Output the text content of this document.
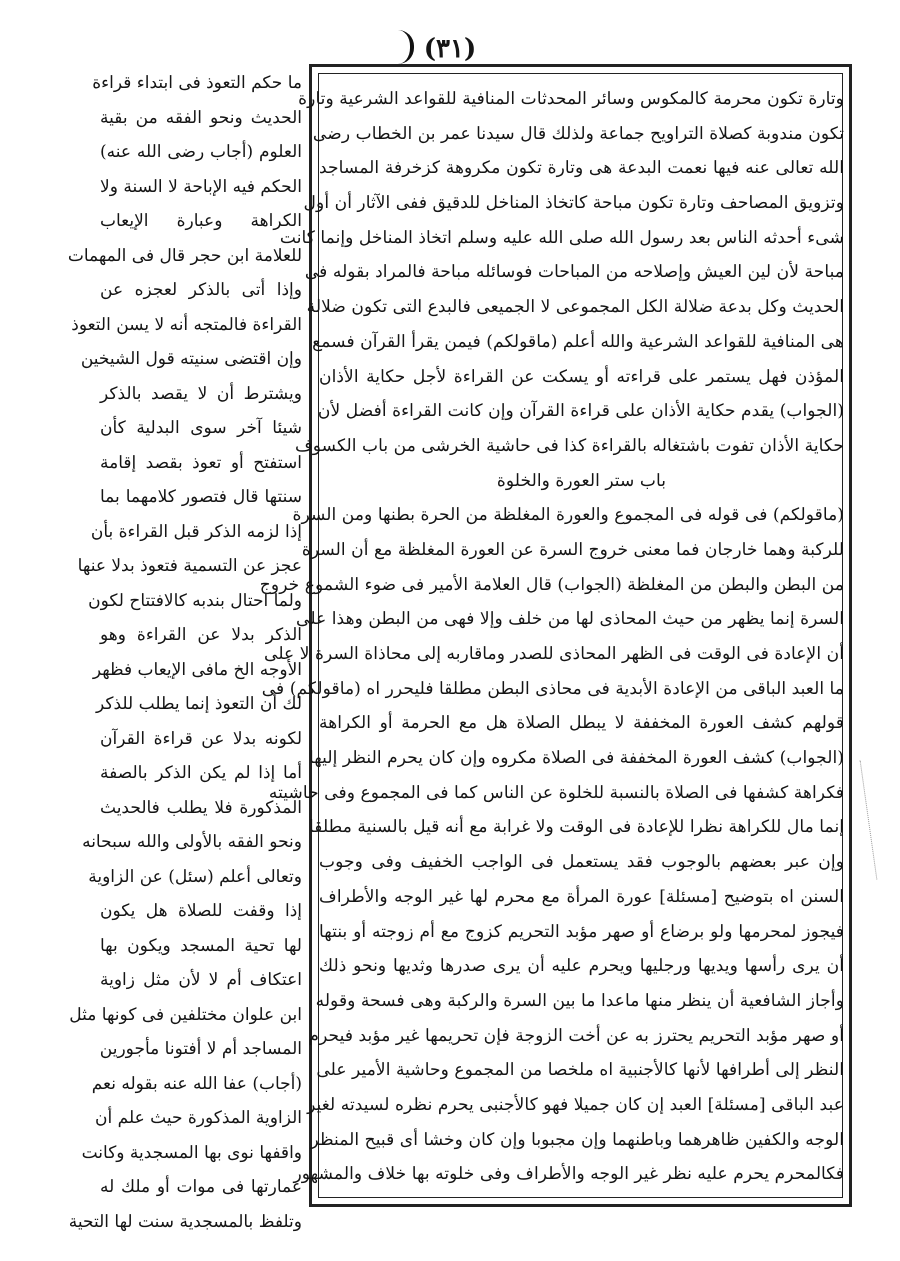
(۳۱)
وتارة تكون محرمة كالمكوس وسائر المحدثات المنافية للقواعد الشرعية وتارة
تكون مندوبة كصلاة التراويح جماعة ولذلك قال سيدنا عمر بن الخطاب رضى
الله تعالى عنه فيها نعمت البدعة هى وتارة تكون مكروهة كزخرفة المساجد
وتزويق المصاحف وتارة تكون مباحة كاتخاذ المناخل للدقيق ففى الآثار أن أول
شىء أحدثه الناس بعد رسول الله صلى الله عليه وسلم اتخاذ المناخل وإنما كانت
مباحة لأن لين العيش وإصلاحه من المباحات فوسائله مباحة فالمراد بقوله فى
الحديث وكل بدعة ضلالة الكل المجموعى لا الجميعى فالبدع التى تكون ضلالة
هى المنافية للقواعد الشرعية والله أعلم (ماقولكم) فيمن يقرأ القرآن فسمع
المؤذن فهل يستمر على قراءته أو يسكت عن القراءة لأجل حكاية الأذان
(الجواب) يقدم حكاية الأذان على قراءة القرآن وإن كانت القراءة أفضل لأن
حكاية الأذان تفوت باشتغاله بالقراءة كذا فى حاشية الخرشى من باب الكسوف
باب ستر العورة والخلوة
(ماقولكم) فى قوله فى المجموع والعورة المغلظة من الحرة بطنها ومن السرة
للركبة وهما خارجان فما معنى خروج السرة عن العورة المغلظة مع أن السرة
من البطن والبطن من المغلظة (الجواب) قال العلامة الأمير فى ضوء الشموع خروج
السرة إنما يظهر من حيث المحاذى لها من خلف وإلا فهى من البطن وهذا على
أن الإعادة فى الوقت فى الظهر المحاذى للصدر وماقاربه إلى محاذاة السرة لا على
ما العبد الباقى من الإعادة الأبدية فى محاذى البطن مطلقا فليحرر اه (ماقولكم) فى
قولهم كشف العورة المخففة لا يبطل الصلاة هل مع الحرمة أو الكراهة
(الجواب) كشف العورة المخففة فى الصلاة مكروه وإن كان يحرم النظر إليها
فكراهة كشفها فى الصلاة بالنسبة للخلوة عن الناس كما فى المجموع وفى حاشيته
إنما مال للكراهة نظرا للإعادة فى الوقت ولا غرابة مع أنه قيل بالسنية مطلقا
وإن عبر بعضهم بالوجوب فقد يستعمل فى الواجب الخفيف وفى وجوب
السنن اه بتوضيح [مسئلة] عورة المرأة مع محرم لها غير الوجه والأطراف
فيجوز لمحرمها ولو برضاع أو صهر مؤبد التحريم كزوج مع أم زوجته أو بنتها
أن يرى رأسها ويديها ورجليها ويحرم عليه أن يرى صدرها وثديها ونحو ذلك
وأجاز الشافعية أن ينظر منها ماعدا ما بين السرة والركبة وهى فسحة وقوله
أو صهر مؤبد التحريم يحترز به عن أخت الزوجة فإن تحريمها غير مؤبد فيحرم
النظر إلى أطرافها لأنها كالأجنبية اه ملخصا من المجموع وحاشية الأمير على
عبد الباقى [مسئلة] العبد إن كان جميلا فهو كالأجنبى يحرم نظره لسيدته لغير
الوجه والكفين ظاهرهما وباطنهما وإن مجبوبا وإن كان وخشا أى قبيح المنظر
فكالمحرم يحرم عليه نظر غير الوجه والأطراف وفى خلوته بها خلاف والمشهور
ما حكم التعوذ فى ابتداء قراءة
الحديث ونحو الفقه من بقية
العلوم (أجاب رضى الله عنه)
الحكم فيه الإباحة لا السنة ولا
الكراهة وعبارة الإيعاب
للعلامة ابن حجر قال فى المهمات
وإذا أتى بالذكر لعجزه عن
القراءة فالمتجه أنه لا يسن التعوذ
وإن اقتضى سنيته قول الشيخين
ويشترط أن لا يقصد بالذكر
شيئا آخر سوى البدلية كأن
استفتح أو تعوذ بقصد إقامة
سنتها قال فتصور كلامهما بما
إذا لزمه الذكر قبل القراءة بأن
عجز عن التسمية فتعوذ بدلا عنها
ولما احتال بندبه كالافتتاح لكون
الذكر بدلا عن القراءة وهو
الأوجه الخ مافى الإيعاب فظهر
لك أن التعوذ إنما يطلب للذكر
لكونه بدلا عن قراءة القرآن
أما إذا لم يكن الذكر بالصفة
المذكورة فلا يطلب فالحديث
ونحو الفقه بالأولى والله سبحانه
وتعالى أعلم (سئل) عن الزاوية
إذا وقفت للصلاة هل يكون
لها تحية المسجد ويكون بها
اعتكاف أم لا لأن مثل زاوية
ابن علوان مختلفين فى كونها مثل
المساجد أم لا أفتونا مأجورين
(أجاب) عفا الله عنه بقوله نعم
الزاوية المذكورة حيث علم أن
واقفها نوى بها المسجدية وكانت
عمارتها فى موات أو ملك له
وتلفظ بالمسجدية سنت لها التحية
